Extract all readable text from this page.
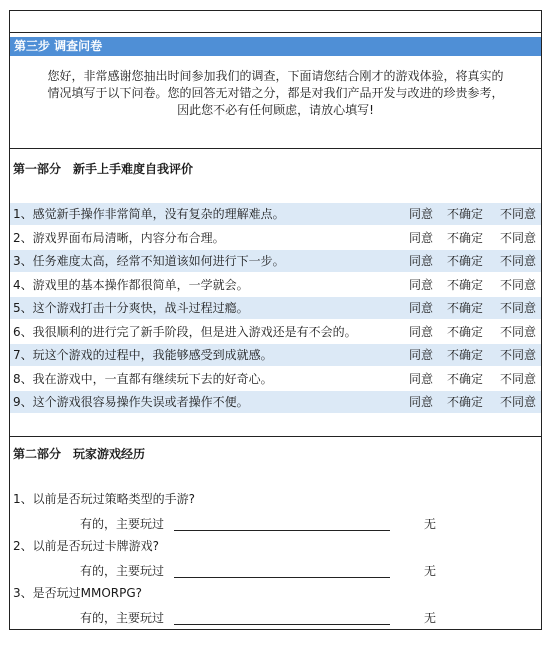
第三步 调查问卷
您好，非常感谢您抽出时间参加我们的调查，下面请您结合刚才的游戏体验，将真实的
情况填写于以下问卷。您的回答无对错之分，都是对我们产品开发与改进的珍贵参考，
因此您不必有任何顾虑，请放心填写!
第一部分　新手上手难度自我评价
1、感觉新手操作非常简单，没有复杂的理解难点。	同意 不确定 不同意
2、游戏界面布局清晰，内容分布合理。	同意 不确定 不同意
3、任务难度太高，经常不知道该如何进行下一步。	同意 不确定 不同意
4、游戏里的基本操作都很简单，一学就会。	同意 不确定 不同意
5、这个游戏打击十分爽快，战斗过程过瘾。	同意 不确定 不同意
6、我很顺利的进行完了新手阶段，但是进入游戏还是有不会的。	同意 不确定 不同意
7、玩这个游戏的过程中，我能够感受到成就感。	同意 不确定 不同意
8、我在游戏中，一直都有继续玩下去的好奇心。	同意 不确定 不同意
9、这个游戏很容易操作失误或者操作不便。	同意 不确定 不同意
第二部分　玩家游戏经历
1、以前是否玩过策略类型的手游?
有的，主要玩过	无
2、以前是否玩过卡牌游戏?
有的，主要玩过	无
3、是否玩过MMORPG?
有的，主要玩过	无
